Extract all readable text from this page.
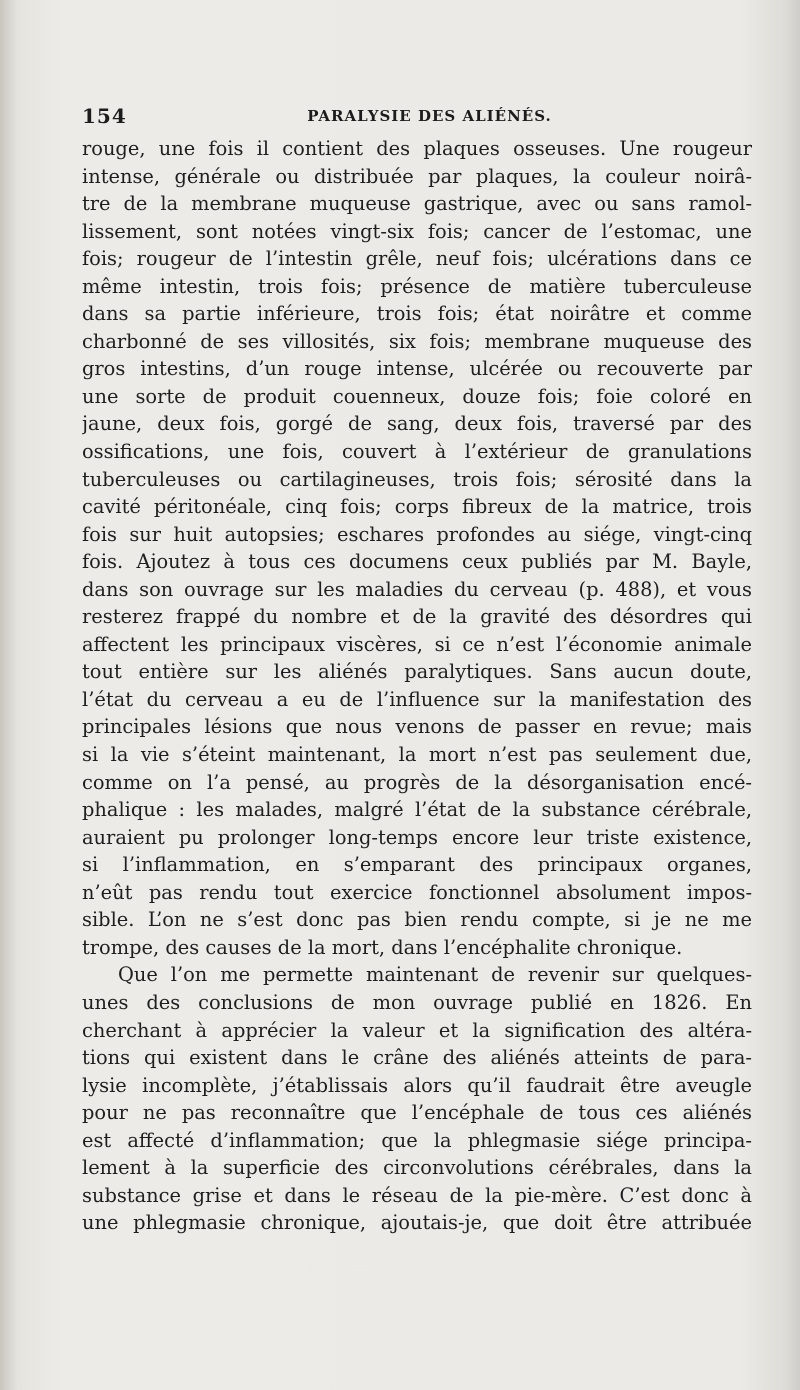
154	PARALYSIE DES ALIÉNÉS.
rouge, une fois il contient des plaques osseuses. Une rougeur
intense, générale ou distribuée par plaques, la couleur noirâ-
tre de la membrane muqueuse gastrique, avec ou sans ramol-
lissement, sont notées vingt-six fois; cancer de l’estomac, une
fois; rougeur de l’intestin grêle, neuf fois; ulcérations dans ce
même intestin, trois fois; présence de matière tuberculeuse
dans sa partie inférieure, trois fois; état noirâtre et comme
charbonné de ses villosités, six fois; membrane muqueuse des
gros intestins, d’un rouge intense, ulcérée ou recouverte par
une sorte de produit couenneux, douze fois; foie coloré en
jaune, deux fois, gorgé de sang, deux fois, traversé par des
ossifications, une fois, couvert à l’extérieur de granulations
tuberculeuses ou cartilagineuses, trois fois; sérosité dans la
cavité péritonéale, cinq fois; corps fibreux de la matrice, trois
fois sur huit autopsies; eschares profondes au siége, vingt-cinq
fois. Ajoutez à tous ces documens ceux publiés par M. Bayle,
dans son ouvrage sur les maladies du cerveau (p. 488), et vous
resterez frappé du nombre et de la gravité des désordres qui
affectent les principaux viscères, si ce n’est l’économie animale
tout entière sur les aliénés paralytiques. Sans aucun doute,
l’état du cerveau a eu de l’influence sur la manifestation des
principales lésions que nous venons de passer en revue; mais
si la vie s’éteint maintenant, la mort n’est pas seulement due,
comme on l’a pensé, au progrès de la désorganisation encé-
phalique : les malades, malgré l’état de la substance cérébrale,
auraient pu prolonger long-temps encore leur triste existence,
si l’inflammation, en s’emparant des principaux organes,
n’eût pas rendu tout exercice fonctionnel absolument impos-
sible. L’on ne s’est donc pas bien rendu compte, si je ne me
trompe, des causes de la mort, dans l’encéphalite chronique.
Que l’on me permette maintenant de revenir sur quelques-
unes des conclusions de mon ouvrage publié en 1826. En
cherchant à apprécier la valeur et la signification des altéra-
tions qui existent dans le crâne des aliénés atteints de para-
lysie incomplète, j’établissais alors qu’il faudrait être aveugle
pour ne pas reconnaître que l’encéphale de tous ces aliénés
est affecté d’inflammation; que la phlegmasie siége principa-
lement à la superficie des circonvolutions cérébrales, dans la
substance grise et dans le réseau de la pie-mère. C’est donc à
une phlegmasie chronique, ajoutais-je, que doit être attribuée
